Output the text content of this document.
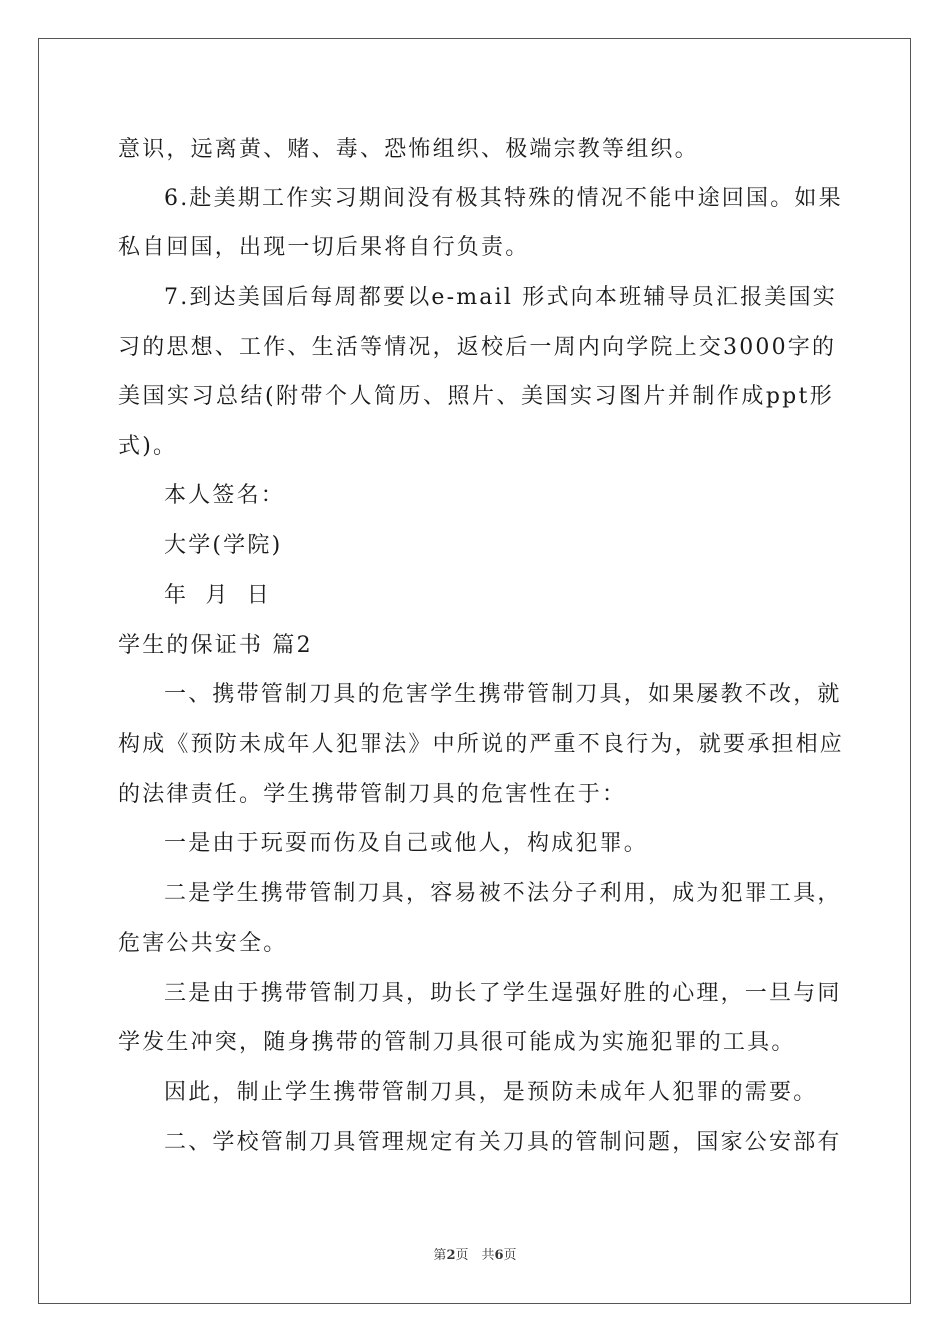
意识，远离黄、赌、毒、恐怖组织、极端宗教等组织。
6.赴美期工作实习期间没有极其特殊的情况不能中途回国。如果
私自回国，出现一切后果将自行负责。
7.到达美国后每周都要以e-mail 形式向本班辅导员汇报美国实
习的思想、工作、生活等情况，返校后一周内向学院上交3000字的
美国实习总结(附带个人简历、照片、美国实习图片并制作成ppt形
式)。
本人签名：
大学(学院)
年 月 日
学生的保证书 篇2
一、携带管制刀具的危害学生携带管制刀具，如果屡教不改，就
构成《预防未成年人犯罪法》中所说的严重不良行为，就要承担相应
的法律责任。学生携带管制刀具的危害性在于：
一是由于玩耍而伤及自己或他人，构成犯罪。
二是学生携带管制刀具，容易被不法分子利用，成为犯罪工具，
危害公共安全。
三是由于携带管制刀具，助长了学生逞强好胜的心理，一旦与同
学发生冲突，随身携带的管制刀具很可能成为实施犯罪的工具。
因此，制止学生携带管制刀具，是预防未成年人犯罪的需要。
二、学校管制刀具管理规定有关刀具的管制问题，国家公安部有
第2页　共6页
